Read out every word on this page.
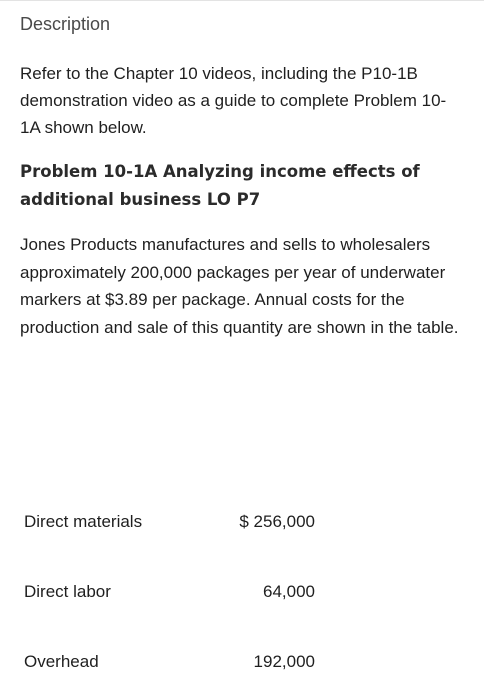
Description

Refer to the Chapter 10 videos, including the P10-1B demonstration video as a guide to complete Problem 10-1A shown below.

Problem 10-1A Analyzing income effects of additional business LO P7

Jones Products manufactures and sells to wholesalers approximately 200,000 packages per year of underwater markers at $3.89 per package. Annual costs for the production and sale of this quantity are shown in the table.

Direct materials	$ 256,000
Direct labor	64,000
Overhead	192,000
